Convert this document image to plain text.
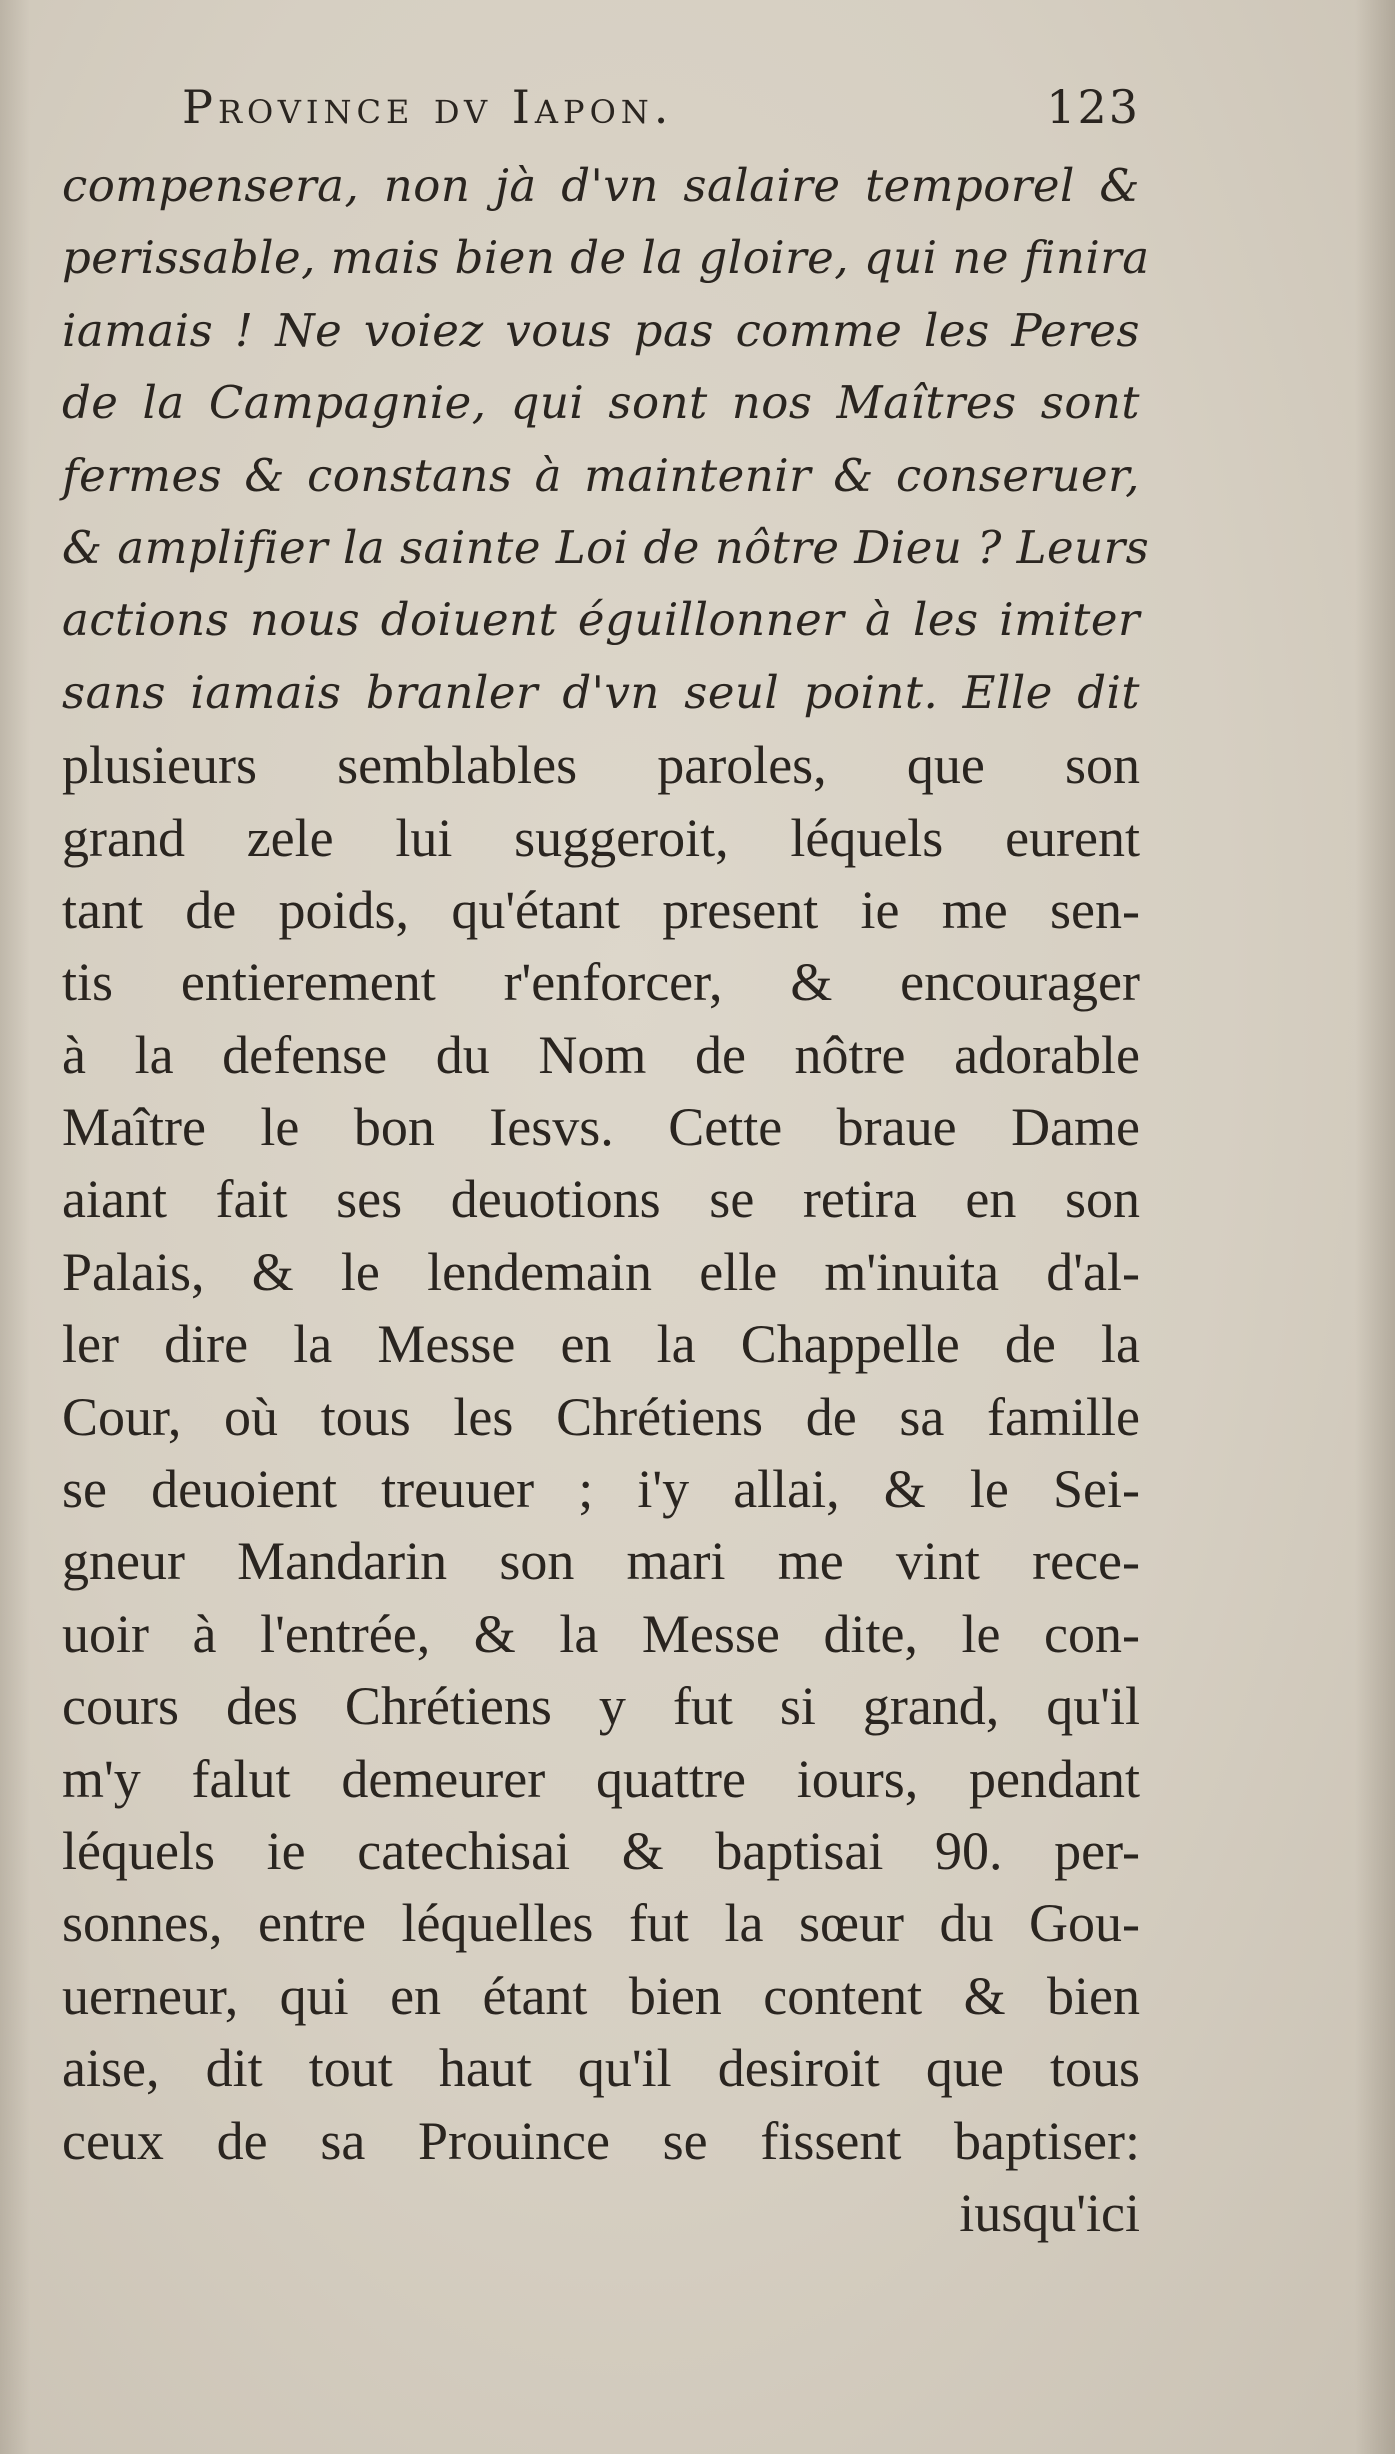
Province dv Iapon.	123
compensera, non jà d'vn salaire temporel &
perissable, mais bien de la gloire, qui ne finira
iamais ! Ne voiez vous pas comme les Peres
de la Campagnie, qui sont nos Maîtres sont
fermes & constans à maintenir & conseruer,
& amplifier la sainte Loi de nôtre Dieu ? Leurs
actions nous doiuent éguillonner à les imiter
sans iamais branler d'vn seul point. Elle dit
plusieurs semblables paroles, que son
grand zele lui suggeroit, léquels eurent
tant de poids, qu'étant present ie me sen-
tis entierement r'enforcer, & encourager
à la defense du Nom de nôtre adorable
Maître le bon Iesvs. Cette braue Dame
aiant fait ses deuotions se retira en son
Palais, & le lendemain elle m'inuita d'al-
ler dire la Messe en la Chappelle de la
Cour, où tous les Chrétiens de sa famille
se deuoient treuuer ; i'y allai, & le Sei-
gneur Mandarin son mari me vint rece-
uoir à l'entrée, & la Messe dite, le con-
cours des Chrétiens y fut si grand, qu'il
m'y falut demeurer quattre iours, pendant
léquels ie catechisai & baptisai 90. per-
sonnes, entre léquelles fut la sœur du Gou-
uerneur, qui en étant bien content & bien
aise, dit tout haut qu'il desiroit que tous
ceux de sa Prouince se fissent baptiser:
iusqu'ici
